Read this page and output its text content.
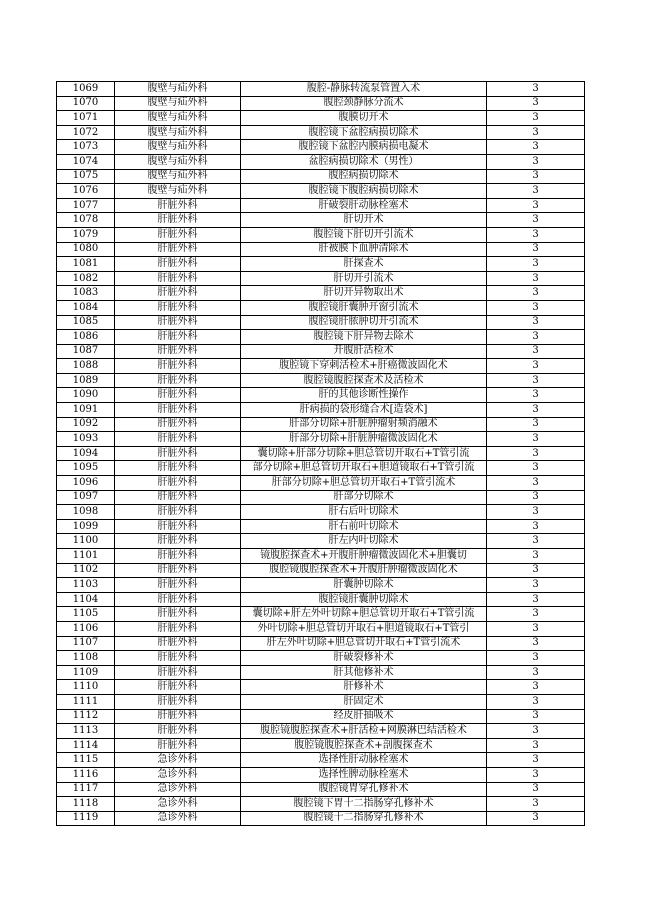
1069	腹壁与疝外科	腹腔-静脉转流泵管置入术	3
1070	腹壁与疝外科	腹腔颈静脉分流术	3
1071	腹壁与疝外科	腹膜切开术	3
1072	腹壁与疝外科	腹腔镜下盆腔病损切除术	3
1073	腹壁与疝外科	腹腔镜下盆腔内膜病损电凝术	3
1074	腹壁与疝外科	盆腔病损切除术（男性）	3
1075	腹壁与疝外科	腹腔病损切除术	3
1076	腹壁与疝外科	腹腔镜下腹腔病损切除术	3
1077	肝脏外科	肝破裂肝动脉栓塞术	3
1078	肝脏外科	肝切开术	3
1079	肝脏外科	腹腔镜下肝切开引流术	3
1080	肝脏外科	肝被膜下血肿清除术	3
1081	肝脏外科	肝探查术	3
1082	肝脏外科	肝切开引流术	3
1083	肝脏外科	肝切开异物取出术	3
1084	肝脏外科	腹腔镜肝囊肿开窗引流术	3
1085	肝脏外科	腹腔镜肝脓肿切开引流术	3
1086	肝脏外科	腹腔镜下肝异物去除术	3
1087	肝脏外科	开腹肝活检术	3
1088	肝脏外科	腹腔镜下穿刺活检术+肝癌微波固化术	3
1089	肝脏外科	腹腔镜腹腔探查术及活检术	3
1090	肝脏外科	肝的其他诊断性操作	3
1091	肝脏外科	肝病损的袋形缝合术[造袋术]	3
1092	肝脏外科	肝部分切除+肝脏肿瘤射频消融术	3
1093	肝脏外科	肝部分切除+肝脏肿瘤微波固化术	3
1094	肝脏外科	囊切除+肝部分切除+胆总管切开取石+T管引流	3
1095	肝脏外科	部分切除+胆总管切开取石+胆道镜取石+T管引流	3
1096	肝脏外科	肝部分切除+胆总管切开取石+T管引流术	3
1097	肝脏外科	肝部分切除术	3
1098	肝脏外科	肝右后叶切除术	3
1099	肝脏外科	肝右前叶切除术	3
1100	肝脏外科	肝左内叶切除术	3
1101	肝脏外科	镜腹腔探查术+开腹肝肿瘤微波固化术+胆囊切	3
1102	肝脏外科	腹腔镜腹腔探查术+开腹肝肿瘤微波固化术	3
1103	肝脏外科	肝囊肿切除术	3
1104	肝脏外科	腹腔镜肝囊肿切除术	3
1105	肝脏外科	囊切除+肝左外叶切除+胆总管切开取石+T管引流	3
1106	肝脏外科	外叶切除+胆总管切开取石+胆道镜取石+T管引	3
1107	肝脏外科	肝左外叶切除+胆总管切开取石+T管引流术	3
1108	肝脏外科	肝破裂修补术	3
1109	肝脏外科	肝其他修补术	3
1110	肝脏外科	肝修补术	3
1111	肝脏外科	肝固定术	3
1112	肝脏外科	经皮肝抽吸术	3
1113	肝脏外科	腹腔镜腹腔探查术+肝活检+网膜淋巴结活检术	3
1114	肝脏外科	腹腔镜腹腔探查术+剖腹探查术	3
1115	急诊外科	选择性肝动脉栓塞术	3
1116	急诊外科	选择性脾动脉栓塞术	3
1117	急诊外科	腹腔镜胃穿孔修补术	3
1118	急诊外科	腹腔镜下胃十二指肠穿孔修补术	3
1119	急诊外科	腹腔镜十二指肠穿孔修补术	3
